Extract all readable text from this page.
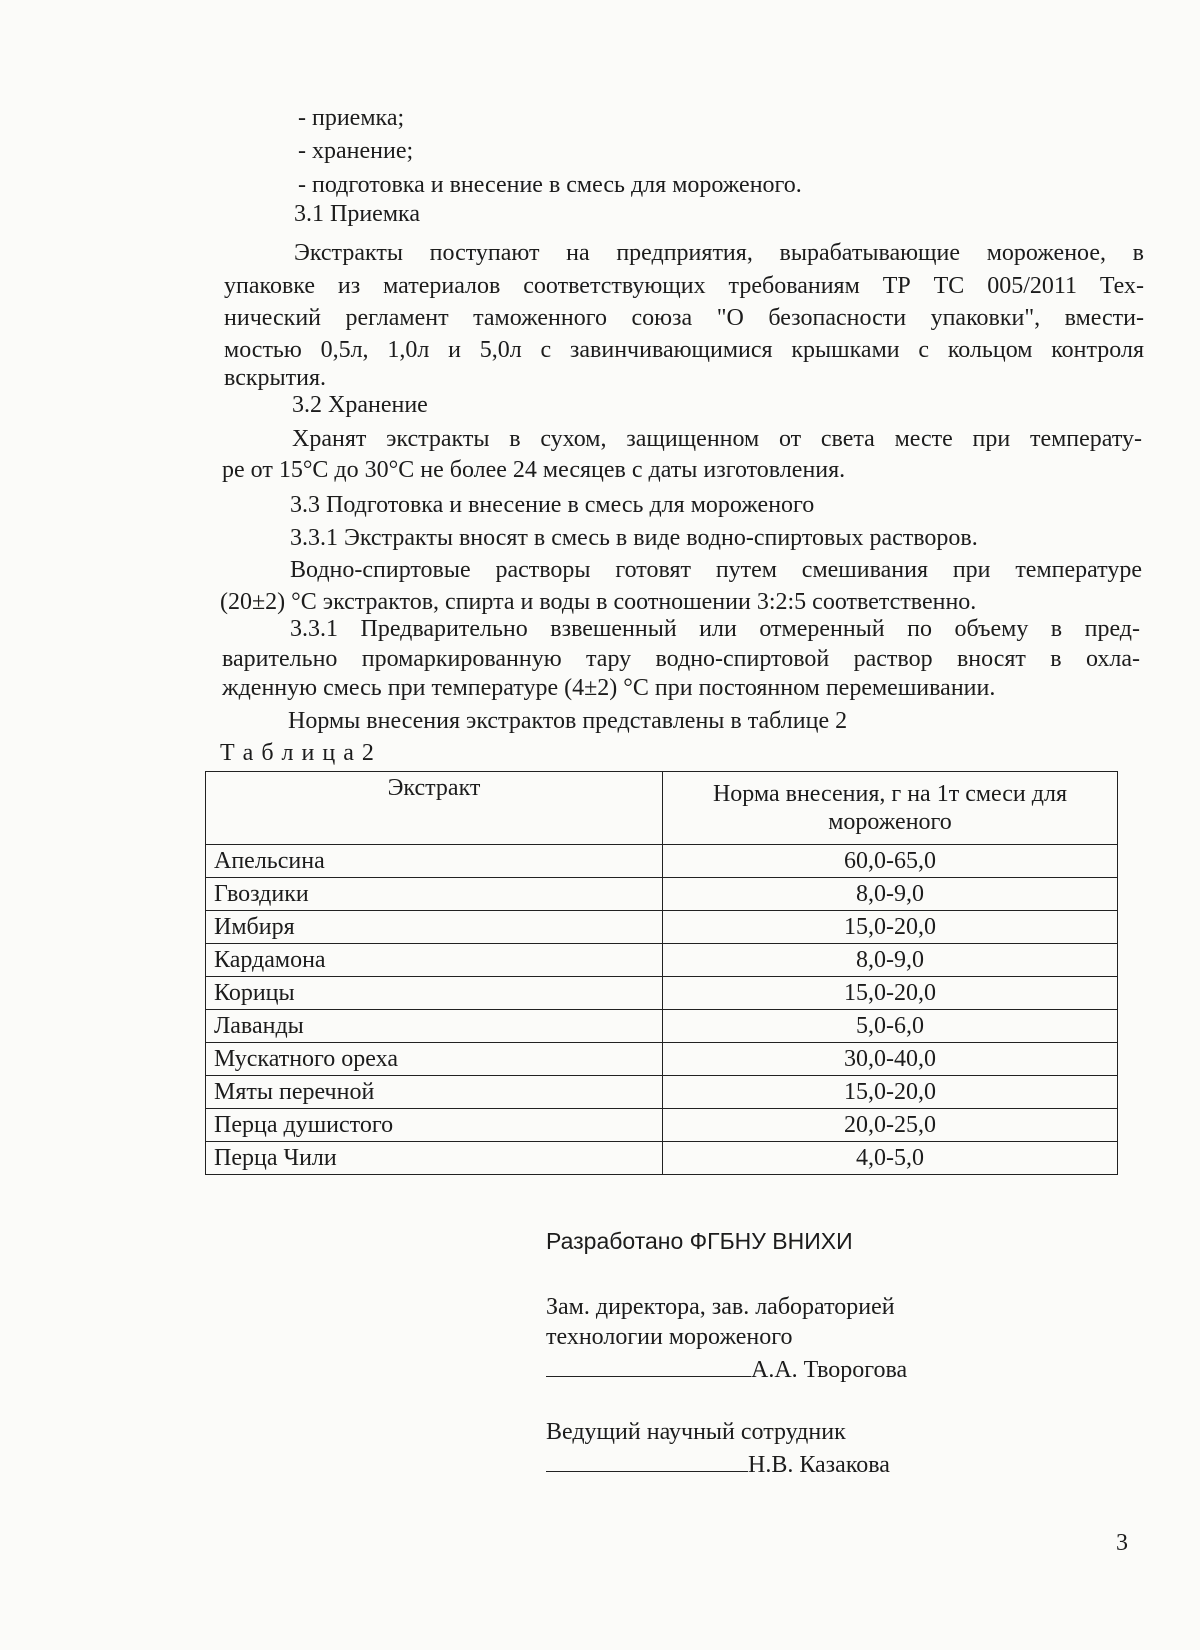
- приемка;
- хранение;
- подготовка и внесение в смесь для мороженого.
3.1 Приемка
Экстракты поступают на предприятия, вырабатывающие мороженое, в
упаковке из материалов соответствующих требованиям ТР ТС 005/2011 Тех-
нический регламент таможенного союза "О безопасности упаковки", вмести-
мостью 0,5л, 1,0л и 5,0л с завинчивающимися крышками с кольцом контроля
вскрытия.
3.2 Хранение
Хранят экстракты в сухом, защищенном от света месте при температу-
ре от 15°С до 30°С не более 24 месяцев с даты изготовления.
3.3 Подготовка и внесение в смесь для мороженого
3.3.1 Экстракты вносят в смесь в виде водно-спиртовых растворов.
Водно-спиртовые растворы готовят путем смешивания при температуре
(20±2) °С экстрактов, спирта и воды в соотношении 3:2:5 соответственно.
3.3.1 Предварительно взвешенный или отмеренный по объему в пред-
варительно промаркированную тару водно-спиртовой раствор вносят в охла-
жденную смесь при температуре (4±2) °С при постоянном перемешивании.
Нормы внесения экстрактов представлены в таблице 2
Т а б л и ц а 2
Экстракт	Норма внесения, г на 1т смеси для мороженого
Апельсина	60,0-65,0
Гвоздики	8,0-9,0
Имбиря	15,0-20,0
Кардамона	8,0-9,0
Корицы	15,0-20,0
Лаванды	5,0-6,0
Мускатного ореха	30,0-40,0
Мяты перечной	15,0-20,0
Перца душистого	20,0-25,0
Перца Чили	4,0-5,0
Разработано ФГБНУ ВНИХИ
Зам. директора, зав. лабораторией
технологии мороженого
А.А. Творогова
Ведущий научный сотрудник
Н.В. Казакова
3
